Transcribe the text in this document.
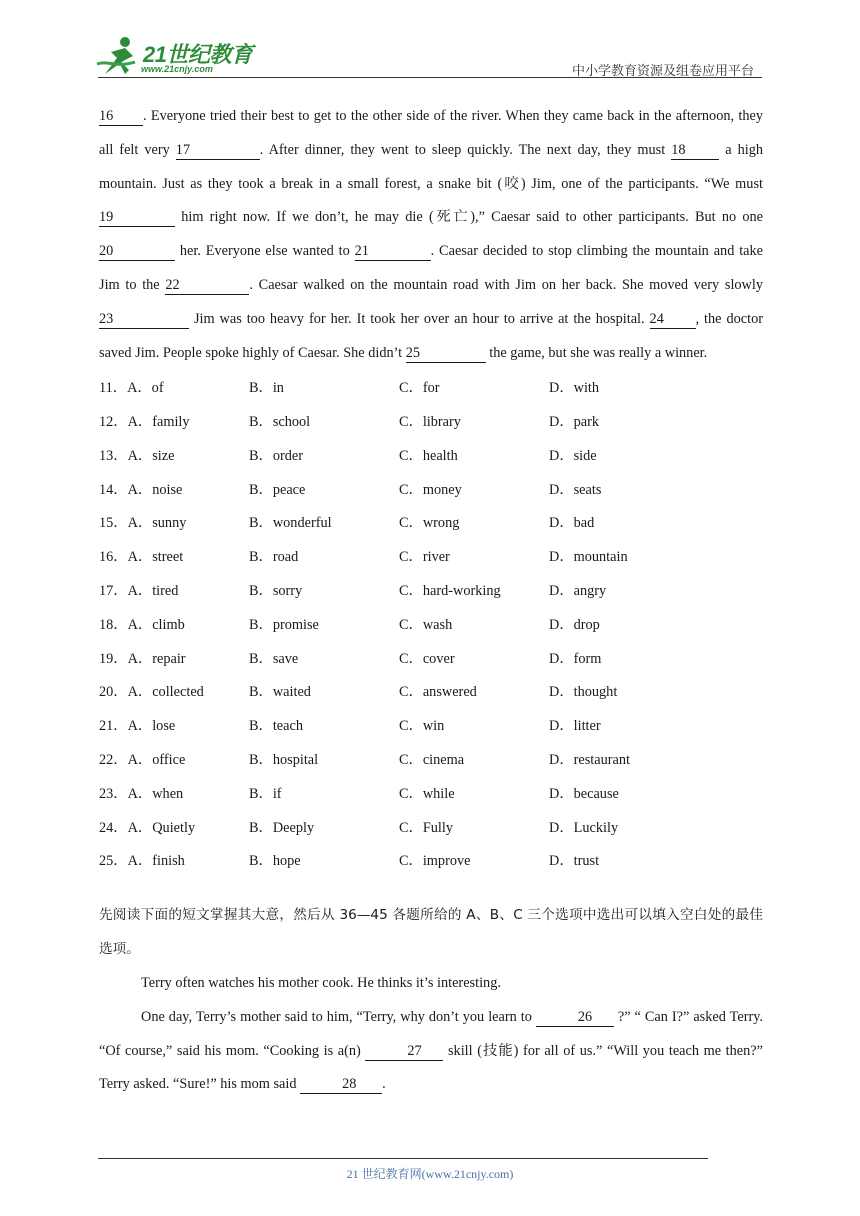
21世纪教育
www.21cnjy.com	中小学教育资源及组卷应用平台

16 . Everyone tried their best to get to the other side of the river. When they came back in the afternoon, they all felt very 17	. After dinner, they went to sleep quickly. The next day, they must 18	a high mountain. Just as they took a break in a small forest, a snake bit (咬) Jim, one of the participants. “We must 19	him right now. If we don’t, he may die (死亡),” Caesar said to other participants. But no one 20	her. Everyone else wanted to 21	. Caesar decided to stop climbing the mountain and take Jim to the 22	. Caesar walked on the mountain road with Jim on her back. She moved very slowly 23	Jim was too heavy for her. It took her over an hour to arrive at the hospital. 24 , the doctor saved Jim. People spoke highly of Caesar. She didn’t 25	the game, but she was really a winner.

11．A．of	B．in	C．for	D．with
12．A．family	B．school	C．library	D．park
13．A．size	B．order	C．health	D．side
14．A．noise	B．peace	C．money	D．seats
15．A．sunny	B．wonderful	C．wrong	D．bad
16．A．street	B．road	C．river	D．mountain
17．A．tired	B．sorry	C．hard-working	D．angry
18．A．climb	B．promise	C．wash	D．drop
19．A．repair	B．save	C．cover	D．form
20．A．collected	B．waited	C．answered	D．thought
21．A．lose	B．teach	C．win	D．litter
22．A．office	B．hospital	C．cinema	D．restaurant
23．A．when	B．if	C．while	D．because
24．A．Quietly	B．Deeply	C．Fully	D．Luckily
25．A．finish	B．hope	C．improve	D．trust

先阅读下面的短文掌握其大意，然后从 36—45 各题所给的 A、B、C 三个选项中选出可以填入空白处的最佳选项。

Terry often watches his mother cook. He thinks it’s interesting.

One day, Terry’s mother said to him, “Terry, why don’t you learn to	26 ?” “ Can I?” asked Terry. “Of course,” said his mom. “Cooking is a(n)	27 skill (技能) for all of us.” “Will you teach me then?” Terry asked. “Sure!” his mom said	28 .

21 世纪教育网(www.21cnjy.com)
